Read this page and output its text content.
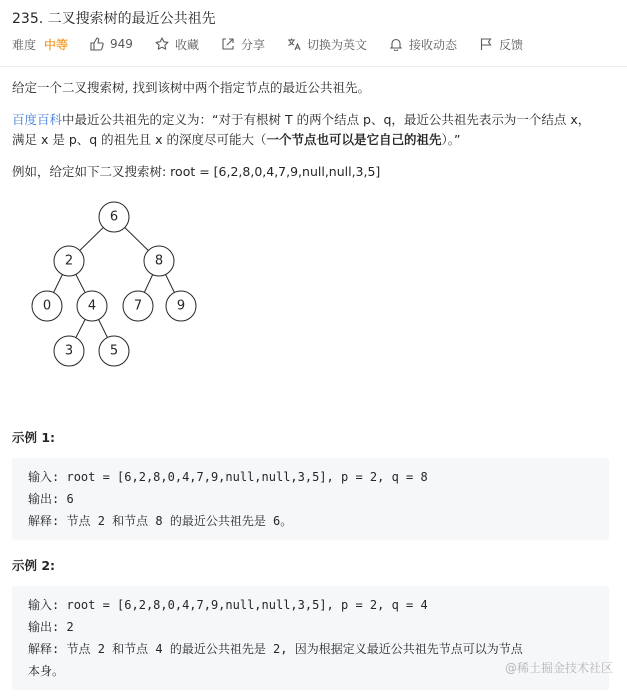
235. 二叉搜索树的最近公共祖先
难度 中等	949	收藏	分享	切换为英文	接收动态	反馈
给定一个二叉搜索树, 找到该树中两个指定节点的最近公共祖先。
百度百科中最近公共祖先的定义为：“对于有根树 T 的两个结点 p、q，最近公共祖先表示为一个结点 x，
满足 x 是 p、q 的祖先且 x 的深度尽可能大（一个节点也可以是它自己的祖先）。”
例如，给定如下二叉搜索树: root = [6,2,8,0,4,7,9,null,null,3,5]
6
2	8
0	4	7	9
3	5
示例 1:
输入: root = [6,2,8,0,4,7,9,null,null,3,5], p = 2, q = 8
输出: 6
解释: 节点 2 和节点 8 的最近公共祖先是 6。
示例 2:
输入: root = [6,2,8,0,4,7,9,null,null,3,5], p = 2, q = 4
输出: 2
解释: 节点 2 和节点 4 的最近公共祖先是 2, 因为根据定义最近公共祖先节点可以为节点
本身。	@稀土掘金技术社区
